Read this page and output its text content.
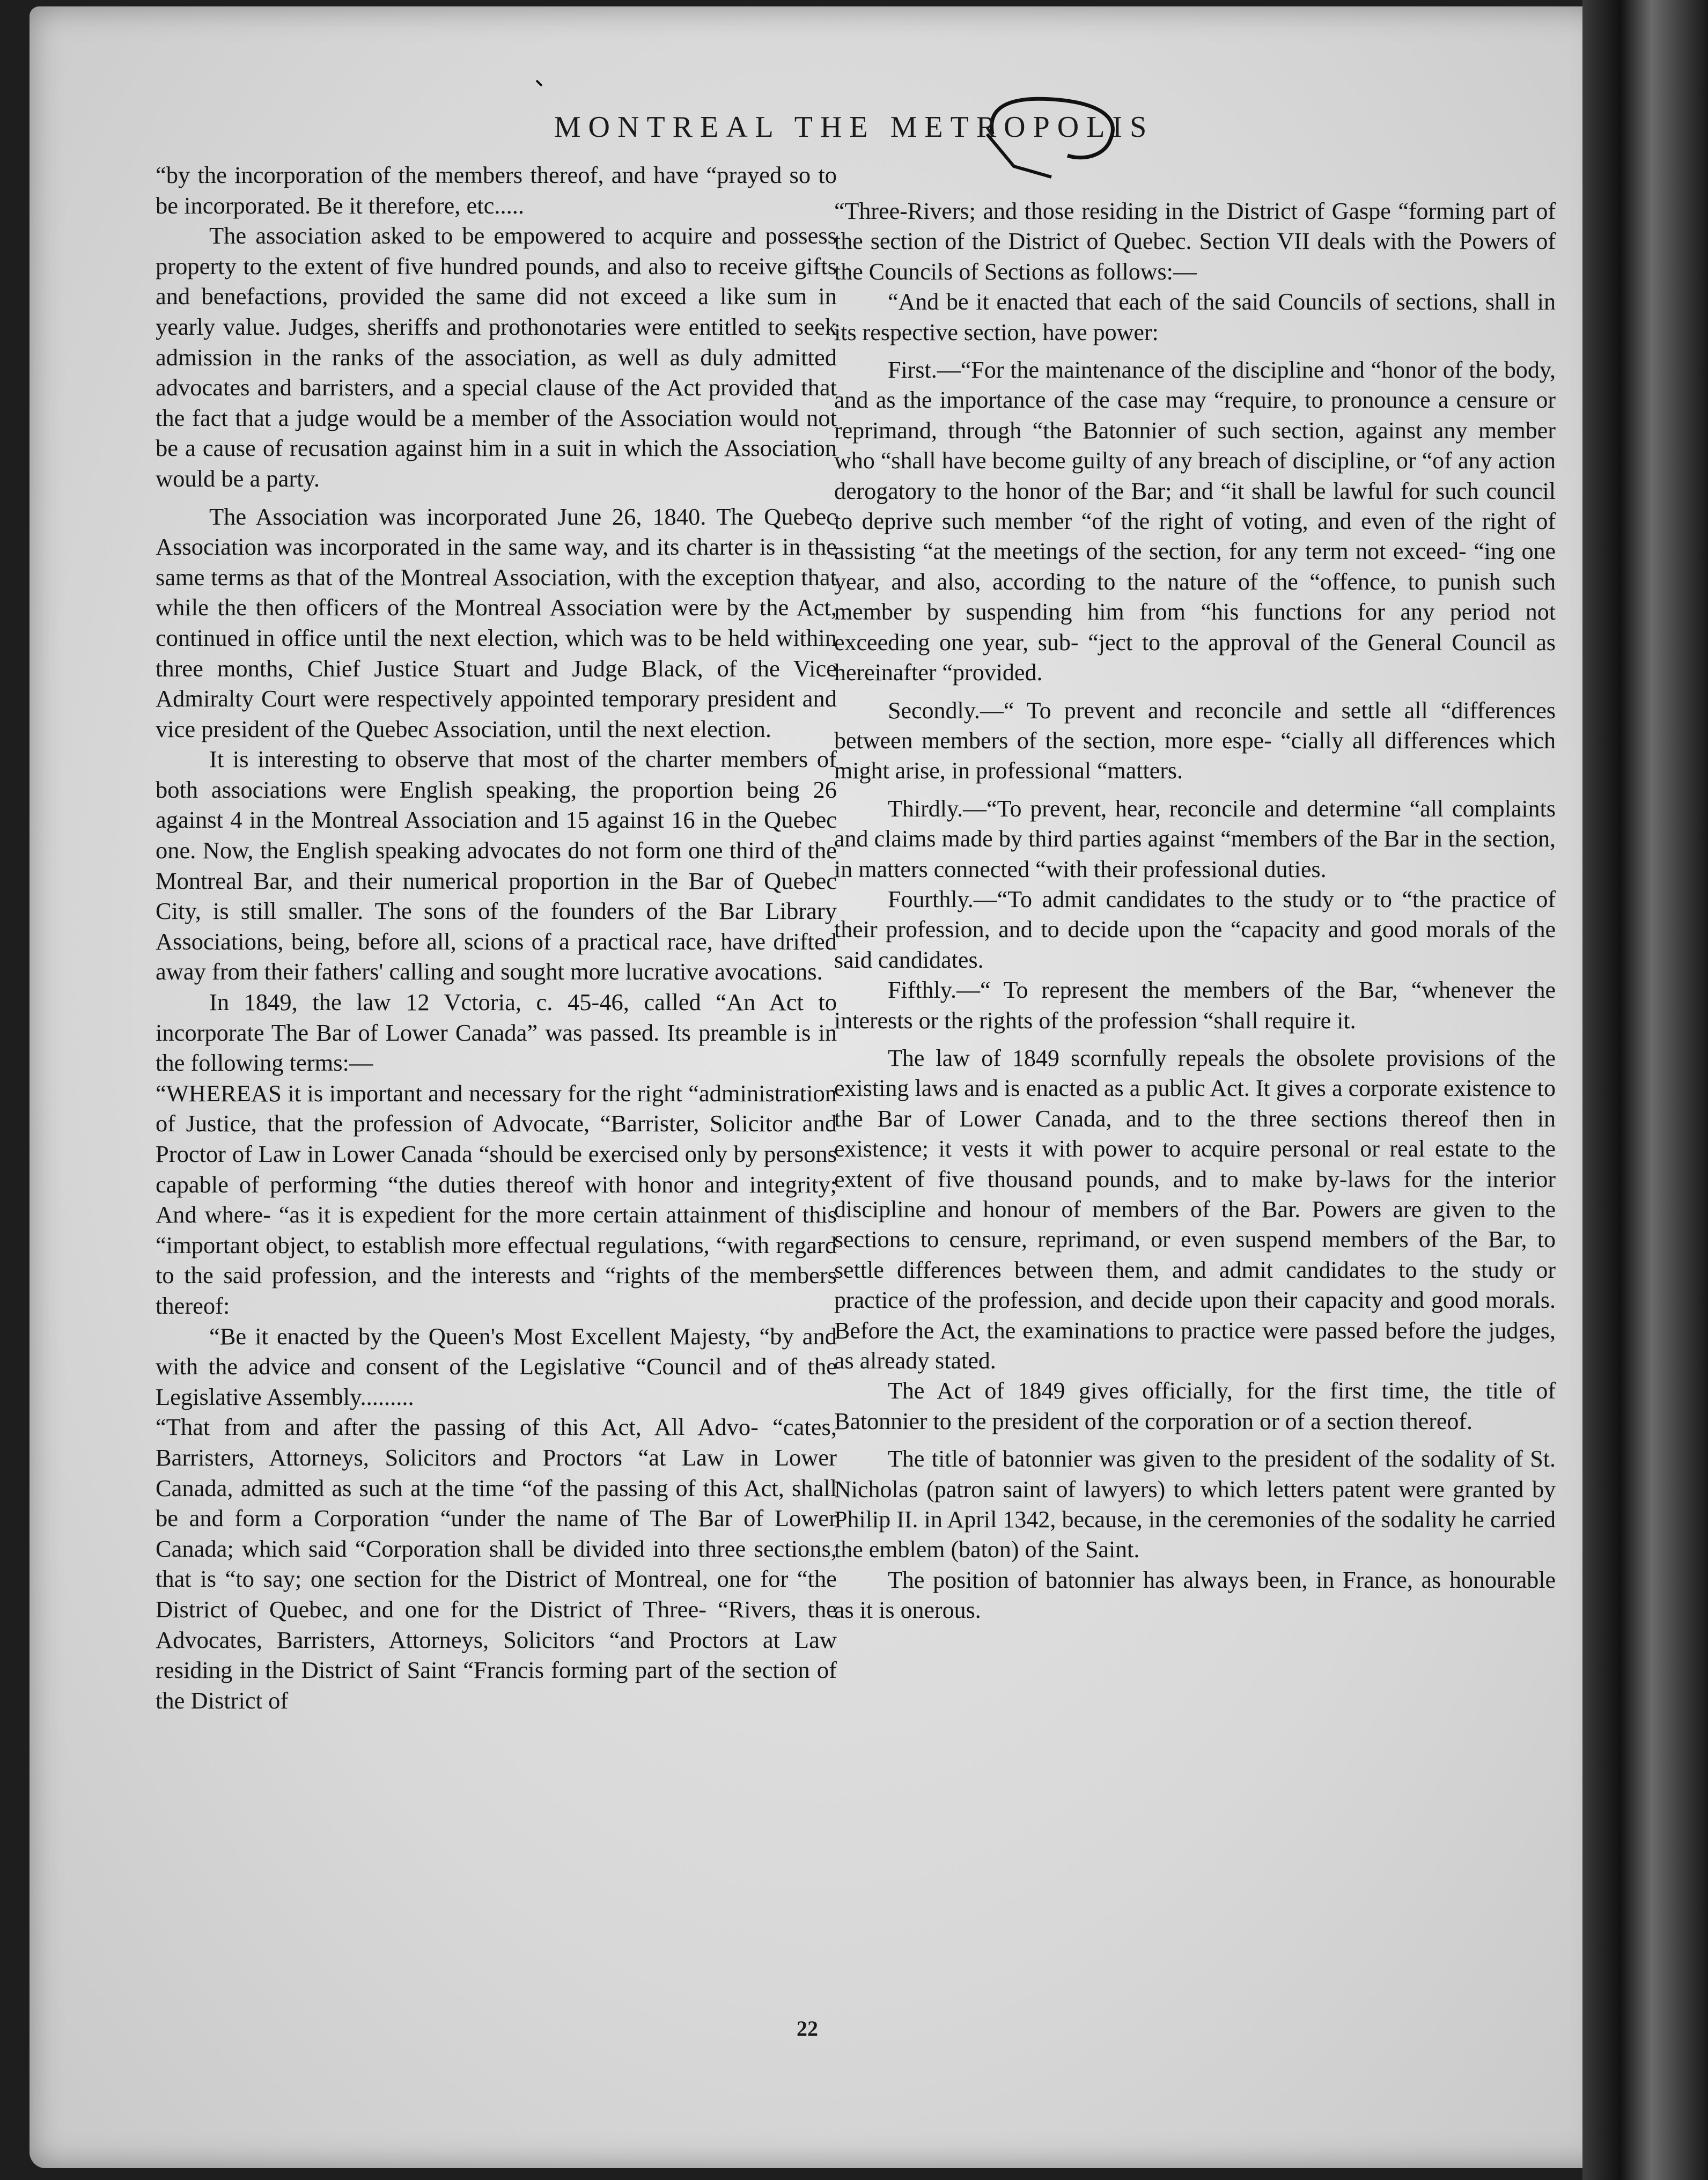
MONTREAL THE METROPOLIS

“by the incorporation of the members thereof, and have “prayed so to be incorporated. Be it therefore, etc.....

The association asked to be empowered to acquire and possess property to the extent of five hundred pounds, and also to receive gifts and benefactions, provided the same did not exceed a like sum in yearly value. Judges, sheriffs and prothonotaries were entitled to seek admission in the ranks of the association, as well as duly admitted advocates and barristers, and a special clause of the Act provided that the fact that a judge would be a member of the Association would not be a cause of recusation against him in a suit in which the Association would be a party.

The Association was incorporated June 26, 1840. The Quebec Association was incorporated in the same way, and its charter is in the same terms as that of the Montreal Association, with the exception that while the then officers of the Montreal Association were by the Act, continued in office until the next election, which was to be held within three months, Chief Justice Stuart and Judge Black, of the Vice Admiralty Court were respectively appointed temporary president and vice president of the Quebec Association, until the next election.

It is interesting to observe that most of the charter members of both associations were English speaking, the proportion being 26 against 4 in the Montreal Association and 15 against 16 in the Quebec one. Now, the English speaking advocates do not form one third of the Montreal Bar, and their numerical proportion in the Bar of Quebec City, is still smaller. The sons of the founders of the Bar Library Associations, being, before all, scions of a practical race, have drifted away from their fathers' calling and sought more lucrative avocations.

In 1849, the law 12 Vctoria, c. 45-46, called “An Act to incorporate The Bar of Lower Canada” was passed. Its preamble is in the following terms:—

“WHEREAS it is important and necessary for the right “administration of Justice, that the profession of Advocate, “Barrister, Solicitor and Proctor of Law in Lower Canada “should be exercised only by persons capable of performing “the duties thereof with honor and integrity; And where- “as it is expedient for the more certain attainment of this “important object, to establish more effectual regulations, “with regard to the said profession, and the interests and “rights of the members thereof:

“Be it enacted by the Queen's Most Excellent Majesty, “by and with the advice and consent of the Legislative “Council and of the Legislative Assembly.........

“That from and after the passing of this Act, All Advo- “cates, Barristers, Attorneys, Solicitors and Proctors “at Law in Lower Canada, admitted as such at the time “of the passing of this Act, shall be and form a Corporation “under the name of The Bar of Lower Canada; which said “Corporation shall be divided into three sections, that is “to say; one section for the District of Montreal, one for “the District of Quebec, and one for the District of Three- “Rivers, the Advocates, Barristers, Attorneys, Solicitors “and Proctors at Law residing in the District of Saint “Francis forming part of the section of the District of

“Three-Rivers; and those residing in the District of Gaspe “forming part of the section of the District of Quebec. Section VII deals with the Powers of the Councils of Sections as follows:—

“And be it enacted that each of the said Councils of sections, shall in its respective section, have power:

First.—“For the maintenance of the discipline and “honor of the body, and as the importance of the case may “require, to pronounce a censure or reprimand, through “the Batonnier of such section, against any member who “shall have become guilty of any breach of discipline, or “of any action derogatory to the honor of the Bar; and “it shall be lawful for such council to deprive such member “of the right of voting, and even of the right of assisting “at the meetings of the section, for any term not exceed- “ing one year, and also, according to the nature of the “offence, to punish such member by suspending him from “his functions for any period not exceeding one year, sub- “ject to the approval of the General Council as hereinafter “provided.

Secondly.—“ To prevent and reconcile and settle all “differences between members of the section, more espe- “cially all differences which might arise, in professional “matters.

Thirdly.—“To prevent, hear, reconcile and determine “all complaints and claims made by third parties against “members of the Bar in the section, in matters connected “with their professional duties.

Fourthly.—“To admit candidates to the study or to “the practice of their profession, and to decide upon the “capacity and good morals of the said candidates.

Fifthly.—“ To represent the members of the Bar, “whenever the interests or the rights of the profession “shall require it.

The law of 1849 scornfully repeals the obsolete provisions of the existing laws and is enacted as a public Act. It gives a corporate existence to the Bar of Lower Canada, and to the three sections thereof then in existence; it vests it with power to acquire personal or real estate to the extent of five thousand pounds, and to make by-laws for the interior discipline and honour of members of the Bar. Powers are given to the sections to censure, reprimand, or even suspend members of the Bar, to settle differences between them, and admit candidates to the study or practice of the profession, and decide upon their capacity and good morals. Before the Act, the examinations to practice were passed before the judges, as already stated.

The Act of 1849 gives officially, for the first time, the title of Batonnier to the president of the corporation or of a section thereof.

The title of batonnier was given to the president of the sodality of St. Nicholas (patron saint of lawyers) to which letters patent were granted by Philip II. in April 1342, because, in the ceremonies of the sodality he carried the emblem (baton) of the Saint.

The position of batonnier has always been, in France, as honourable as it is onerous.

22
